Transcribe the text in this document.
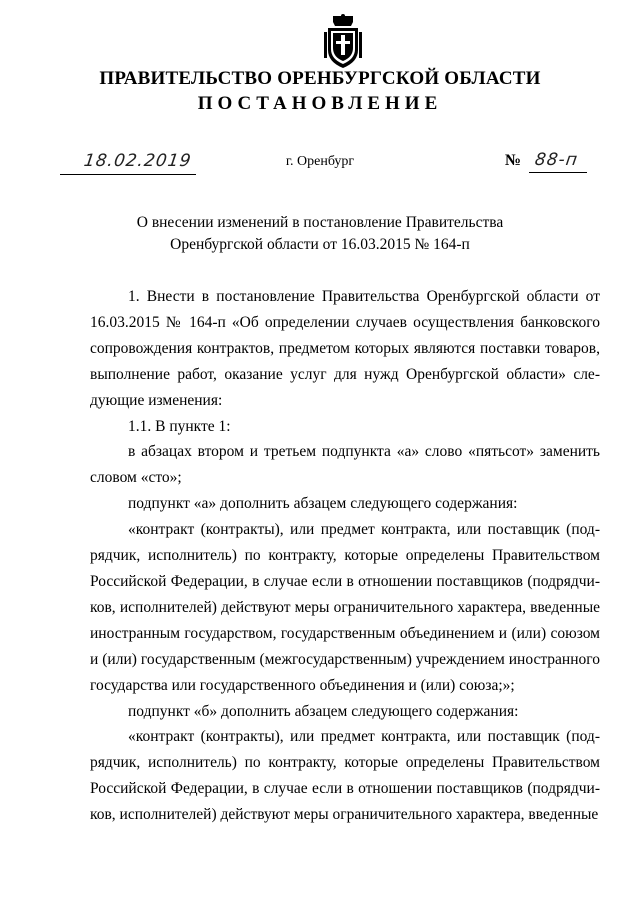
ПРАВИТЕЛЬСТВО ОРЕНБУРГСКОЙ ОБЛАСТИ
ПОСТАНОВЛЕНИЕ
18.02.2019	г. Оренбург	№ 88-п
О внесении изменений в постановление Правительства
Оренбургской области от 16.03.2015 № 164-п

1. Внести в постановление Правительства Оренбургской области от 16.03.2015 № 164-п «Об определении случаев осуществления банковского сопровождения контрактов, предметом которых являются поставки товаров, выполнение работ, оказание услуг для нужд Оренбургской области» следующие изменения:

1.1. В пункте 1:

в абзацах втором и третьем подпункта «а» слово «пятьсот» заменить словом «сто»;

подпункт «а» дополнить абзацем следующего содержания:

«контракт (контракты), или предмет контракта, или поставщик (подрядчик, исполнитель) по контракту, которые определены Правительством Российской Федерации, в случае если в отношении поставщиков (подрядчиков, исполнителей) действуют меры ограничительного характера, введенные иностранным государством, государственным объединением и (или) союзом и (или) государственным (межгосударственным) учреждением иностранного государства или государственного объединения и (или) союза;»;

подпункт «б» дополнить абзацем следующего содержания:

«контракт (контракты), или предмет контракта, или поставщик (подрядчик, исполнитель) по контракту, которые определены Правительством Российской Федерации, в случае если в отношении поставщиков (подрядчиков, исполнителей) действуют меры ограничительного характера, введенные
